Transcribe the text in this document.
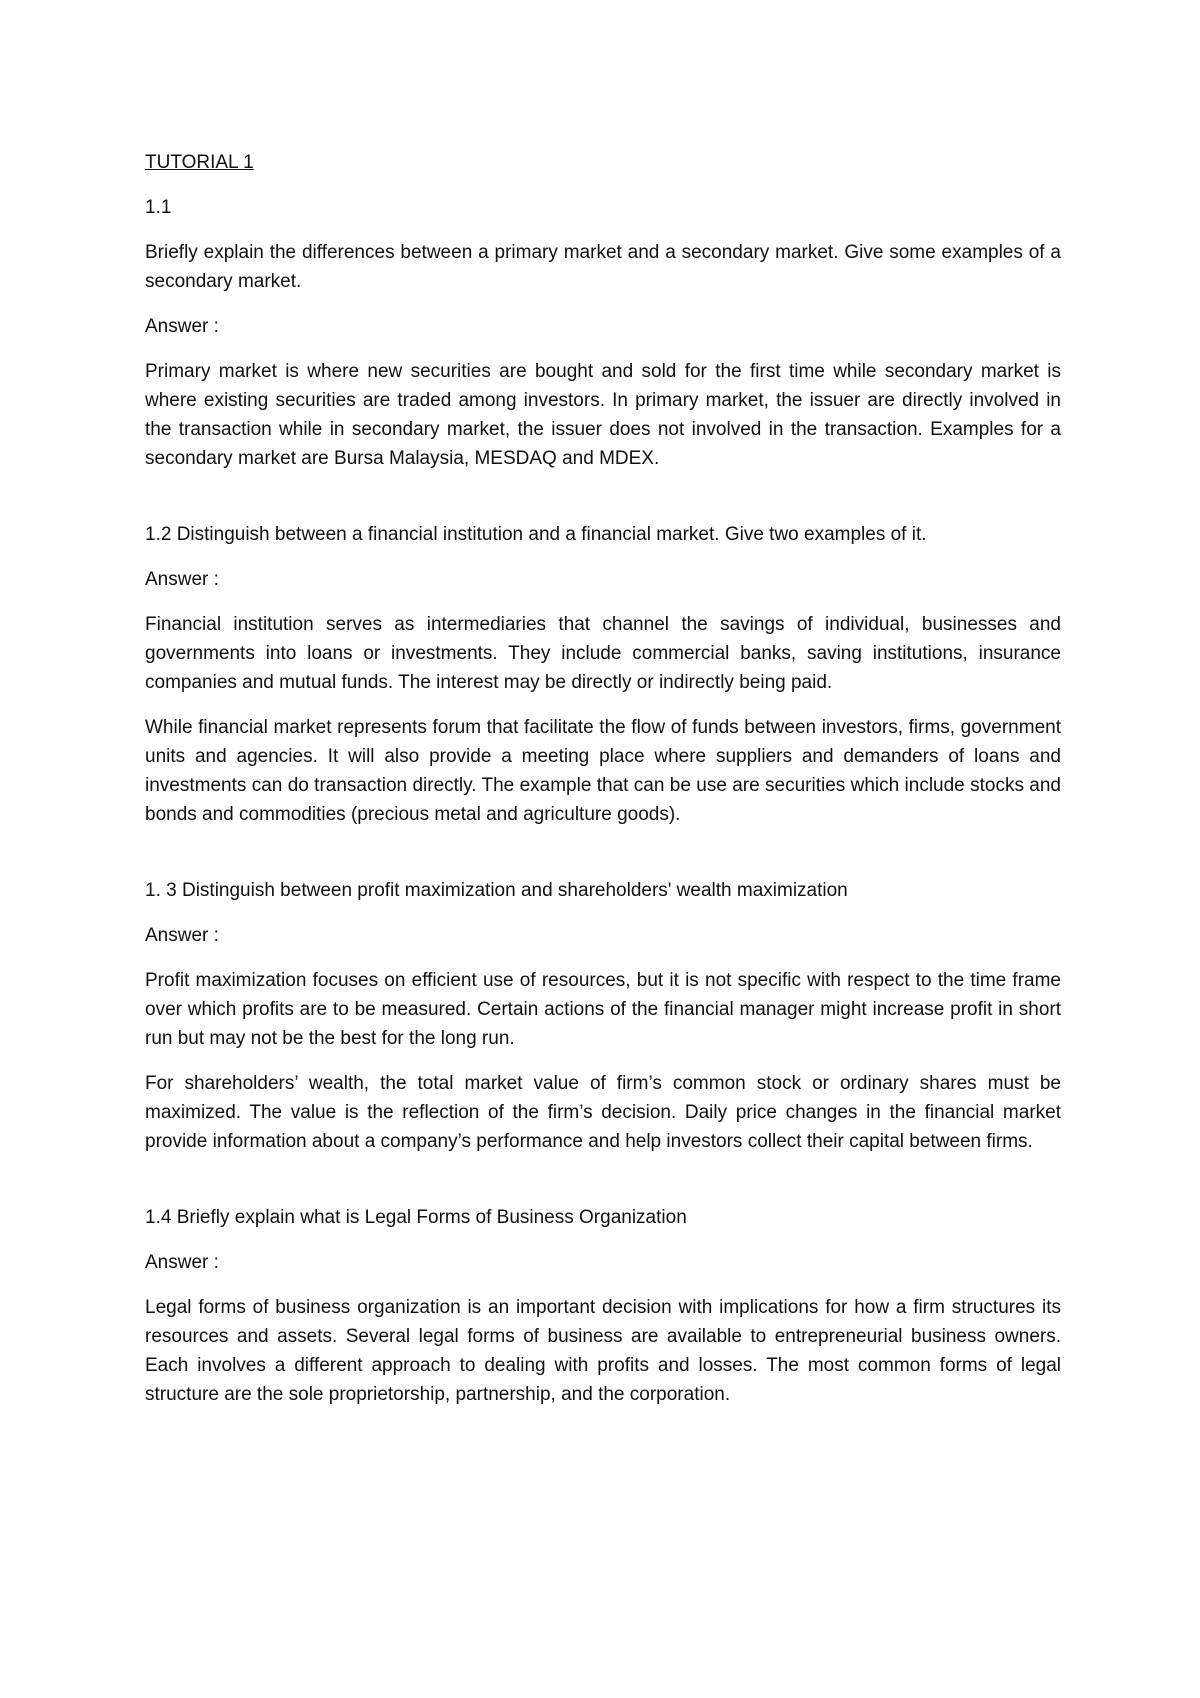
TUTORIAL 1

1.1

Briefly explain the differences between a primary market and a secondary market. Give some examples of a secondary market.

Answer :

Primary market is where new securities are bought and sold for the first time while secondary market is where existing securities are traded among investors. In primary market, the issuer are directly involved in the transaction while in secondary market, the issuer does not involved in the transaction. Examples for a secondary market are Bursa Malaysia, MESDAQ and MDEX.

1.2 Distinguish between a financial institution and a financial market. Give two examples of it.

Answer :

Financial institution serves as intermediaries that channel the savings of individual, businesses and governments into loans or investments. They include commercial banks, saving institutions, insurance companies and mutual funds. The interest may be directly or indirectly being paid.

While financial market represents forum that facilitate the flow of funds between investors, firms, government units and agencies. It will also provide a meeting place where suppliers and demanders of loans and investments can do transaction directly. The example that can be use are securities which include stocks and bonds and commodities (precious metal and agriculture goods).

1. 3 Distinguish between profit maximization and shareholders' wealth maximization

Answer :

Profit maximization focuses on efficient use of resources, but it is not specific with respect to the time frame over which profits are to be measured. Certain actions of the financial manager might increase profit in short run but may not be the best for the long run.

For shareholders’ wealth, the total market value of firm’s common stock or ordinary shares must be maximized. The value is the reflection of the firm’s decision. Daily price changes in the financial market provide information about a company’s performance and help investors collect their capital between firms.

1.4 Briefly explain what is Legal Forms of Business Organization

Answer :

Legal forms of business organization is an important decision with implications for how a firm structures its resources and assets. Several legal forms of business are available to entrepreneurial business owners. Each involves a different approach to dealing with profits and losses. The most common forms of legal structure are the sole proprietorship, partnership, and the corporation.
